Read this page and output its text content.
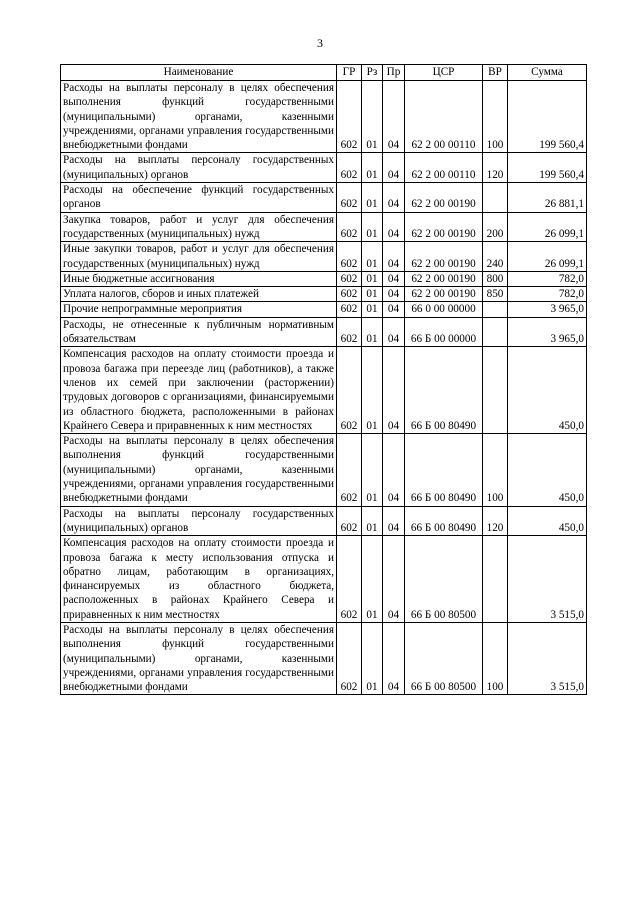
3
Наименование	ГР	Рз	Пр	ЦСР	ВР	Сумма
Расходы на выплаты персоналу в целях обеспечения выполнения функций государственными (муниципальными) органами, казенными учреждениями, органами управления государственными внебюджетными фондами	602	01	04	62 2 00 00110	100	199 560,4
Расходы на выплаты персоналу государственных (муниципальных) органов	602	01	04	62 2 00 00110	120	199 560,4
Расходы на обеспечение функций государственных органов	602	01	04	62 2 00 00190		26 881,1
Закупка товаров, работ и услуг для обеспечения государственных (муниципальных) нужд	602	01	04	62 2 00 00190	200	26 099,1
Иные закупки товаров, работ и услуг для обеспечения государственных (муниципальных) нужд	602	01	04	62 2 00 00190	240	26 099,1
Иные бюджетные ассигнования	602	01	04	62 2 00 00190	800	782,0
Уплата налогов, сборов и иных платежей	602	01	04	62 2 00 00190	850	782,0
Прочие непрограммные мероприятия	602	01	04	66 0 00 00000		3 965,0
Расходы, не отнесенные к публичным нормативным обязательствам	602	01	04	66 Б 00 00000		3 965,0
Компенсация расходов на оплату стоимости проезда и провоза багажа при переезде лиц (работников), а также членов их семей при заключении (расторжении) трудовых договоров с организациями, финансируемыми из областного бюджета, расположенными в районах Крайнего Севера и приравненных к ним местностях	602	01	04	66 Б 00 80490		450,0
Расходы на выплаты персоналу в целях обеспечения выполнения функций государственными (муниципальными) органами, казенными учреждениями, органами управления государственными внебюджетными фондами	602	01	04	66 Б 00 80490	100	450,0
Расходы на выплаты персоналу государственных (муниципальных) органов	602	01	04	66 Б 00 80490	120	450,0
Компенсация расходов на оплату стоимости проезда и провоза багажа к месту использования отпуска и обратно лицам, работающим в организациях, финансируемых из областного бюджета, расположенных в районах Крайнего Севера и приравненных к ним местностях	602	01	04	66 Б 00 80500		3 515,0
Расходы на выплаты персоналу в целях обеспечения выполнения функций государственными (муниципальными) органами, казенными учреждениями, органами управления государственными внебюджетными фондами	602	01	04	66 Б 00 80500	100	3 515,0
